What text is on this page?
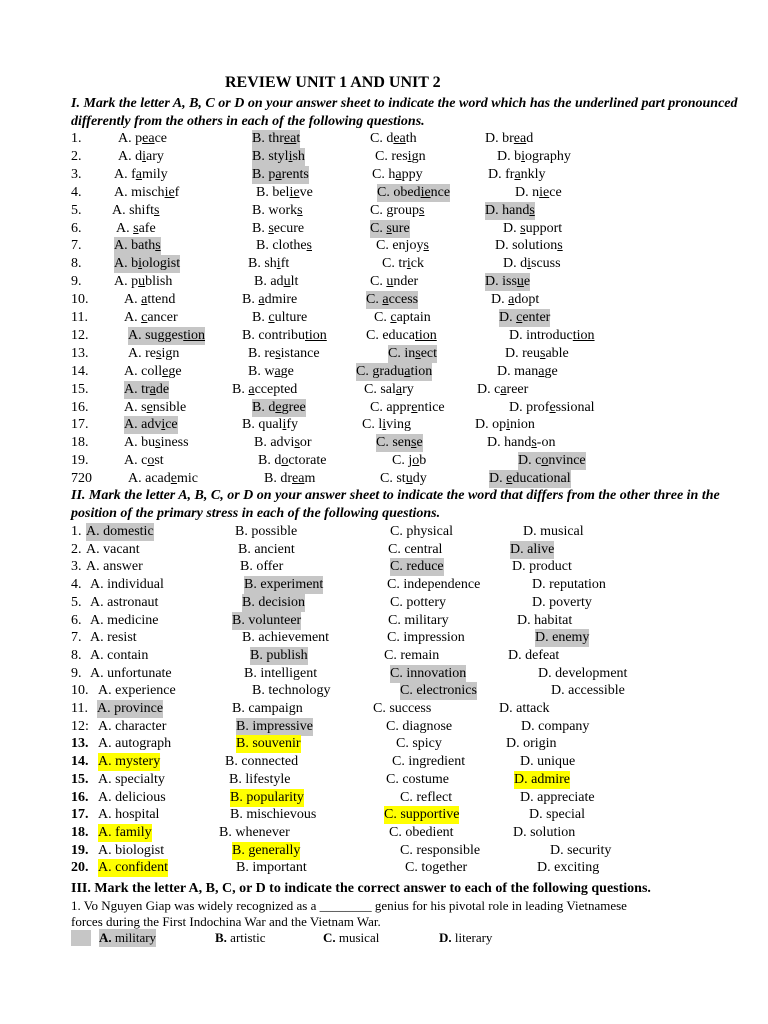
REVIEW UNIT 1 AND UNIT 2
I. Mark the letter A, B, C or D on your answer sheet to indicate the word which has the underlined part pronounced differently from the others in each of the following questions.
1.	A. peace	B. threat	C. death	D. bread
2.	A. diary	B. stylish	C. resign	D. biography
3. A. family	B. parents	C. happy	D. frankly
4. A. mischief	B. believe	C. obedience	D. niece
5. A. shifts	B. works	C. groups	D. hands
6. A. safe	B. secure	C. sure	D. support
7. A. baths	B. clothes	C. enjoys	D. solutions
8. A. biologist	B. shift	C. trick	D. discuss
9. A. publish	B. adult	C. under	D. issue
10.	A. attend	B. admire	C. access	D. adopt
11.	A. cancer	B. culture	C. captain	D. center
12.	A. suggestion	B. contribution	C. education	D. introduction
13.	A. resign	B. resistance	C. insect	D. reusable
14.	A. college	B. wage	C. graduation	D. manage
15.	A. trade	B. accepted	C. salary	D. career
16.	A. sensible	B. degree	C. apprentice	D. professional
17.	A. advice	B. qualify	C. living	D. opinion
18.	A. business	B. advisor	C. sense	D. hands-on
19.	A. cost	B. doctorate	C. job	D. convince
720	A. academic	B. dream	C. study	D. educational
II. Mark the letter A, B, C, or D on your answer sheet to indicate the word that differs from the other three in the position of the primary stress in each of the following questions.
1. A. domestic	B. possible	C. physical	D. musical
2. A. vacant	B. ancient	C. central	D. alive
3. A. answer	B. offer	C. reduce	D. product
4. A. individual	B. experiment	C. independence	D. reputation
5. A. astronaut	B. decision	C. pottery	D. poverty
6. A. medicine	B. volunteer	C. military	D. habitat
7. A. resist	B. achievement	C. impression	D. enemy
8. A. contain	B. publish	C. remain	D. defeat
9. A. unfortunate	B. intelligent	C. innovation	D. development
10. A. experience	B. technology	C. electronics	D. accessible
11. A. province	B. campaign	C. success	D. attack
12: A. character	B. impressive	C. diagnose	D. company
13. A. autograph	B. souvenir	C. spicy	D. origin
14. A. mystery	B. connected	C. ingredient	D. unique
15. A. specialty	B. lifestyle	C. costume	D. admire
16. A. delicious	B. popularity	C. reflect	D. appreciate
17. A. hospital	B. mischievous	C. supportive	D. special
18. A. family	B. whenever	C. obedient	D. solution
19. A. biologist	B. generally	C. responsible	D. security
20. A. confident	B. important	C. together	D. exciting
III. Mark the letter A, B, C, or D to indicate the correct answer to each of the following questions.
1. Vo Nguyen Giap was widely recognized as a ________ genius for his pivotal role in leading Vietnamese
forces during the First Indochina War and the Vietnam War.
A. military	B. artistic	C. musical	D. literary
